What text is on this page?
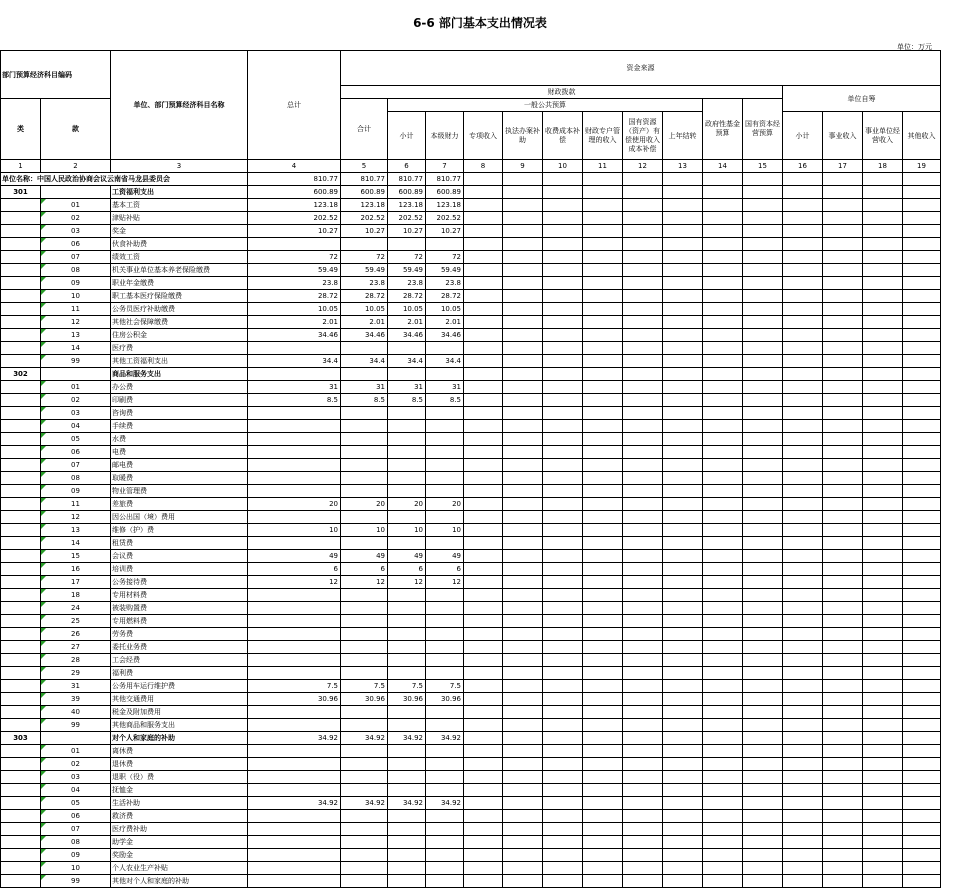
6-6 部门基本支出情况表
单位：万元
部门预算经济科目编码		单位、部门预算经济科目名称	总计	资金来源														
				财政拨款											单位自筹			
类	款			合计	一般公共预算								政府性基金预算	国有资本经营预算				
					小计	本级财力	专项收入	执法办案补助	收费成本补偿	财政专户管理的收入	国有资源（资产）有偿使用收入成本补偿	上年结转			小计	事业收入	事业单位经营收入	其他收入
1	2	3	4	5	6	7	8	9	10	11	12	13	14	15	16	17	18	19
单位名称：中国人民政治协商会议云南省马龙县委员会			810.77	810.77	810.77	810.77												
301		工资福利支出	600.89	600.89	600.89	600.89												
	01	基本工资	123.18	123.18	123.18	123.18												
	02	津贴补贴	202.52	202.52	202.52	202.52												
	03	奖金	10.27	10.27	10.27	10.27												
	06	伙食补助费																
	07	绩效工资	72	72	72	72												
	08	机关事业单位基本养老保险缴费	59.49	59.49	59.49	59.49												
	09	职业年金缴费	23.8	23.8	23.8	23.8												
	10	职工基本医疗保险缴费	28.72	28.72	28.72	28.72												
	11	公务员医疗补助缴费	10.05	10.05	10.05	10.05												
	12	其他社会保障缴费	2.01	2.01	2.01	2.01												
	13	住房公积金	34.46	34.46	34.46	34.46												
	14	医疗费																
	99	其他工资福利支出	34.4	34.4	34.4	34.4												
302		商品和服务支出																
	01	办公费	31	31	31	31												
	02	印刷费	8.5	8.5	8.5	8.5												
	03	咨询费																
	04	手续费																
	05	水费																
	06	电费																
	07	邮电费																
	08	取暖费																
	09	物业管理费																
	11	差旅费	20	20	20	20												
	12	因公出国（境）费用																
	13	维修（护）费	10	10	10	10												
	14	租赁费																
	15	会议费	49	49	49	49												
	16	培训费	6	6	6	6												
	17	公务接待费	12	12	12	12												
	18	专用材料费																
	24	被装购置费																
	25	专用燃料费																
	26	劳务费																
	27	委托业务费																
	28	工会经费																
	29	福利费																
	31	公务用车运行维护费	7.5	7.5	7.5	7.5												
	39	其他交通费用	30.96	30.96	30.96	30.96												
	40	税金及附加费用																
	99	其他商品和服务支出																
303		对个人和家庭的补助	34.92	34.92	34.92	34.92												
	01	离休费																
	02	退休费																
	03	退职（役）费																
	04	抚恤金																
	05	生活补助	34.92	34.92	34.92	34.92												
	06	救济费																
	07	医疗费补助																
	08	助学金																
	09	奖励金																
	10	个人农业生产补贴																
	99	其他对个人和家庭的补助																
